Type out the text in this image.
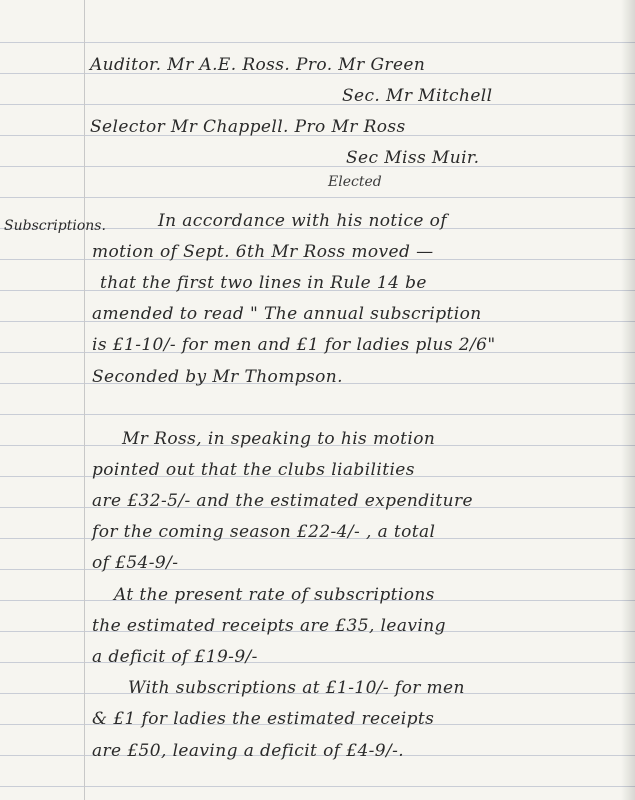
Auditor. Mr A.E. Ross. Pro. Mr Green
Sec. Mr Mitchell
Selector Mr Chappell. Pro Mr Ross
Sec Miss Muir.
Elected
Subscriptions.	In accordance with his notice of
motion of Sept. 6th Mr Ross moved —
that the first two lines in Rule 14 be
amended to read " The annual subscription
is £1-10/- for men and £1 for ladies plus 2/6"
Seconded by Mr Thompson.
Mr Ross, in speaking to his motion
pointed out that the clubs liabilities
are £32-5/- and the estimated expenditure
for the coming season £22-4/- , a total
of £54-9/-
At the present rate of subscriptions
the estimated receipts are £35, leaving
a deficit of £19-9/-
With subscriptions at £1-10/- for men
& £1 for ladies the estimated receipts
are £50, leaving a deficit of £4-9/-.
